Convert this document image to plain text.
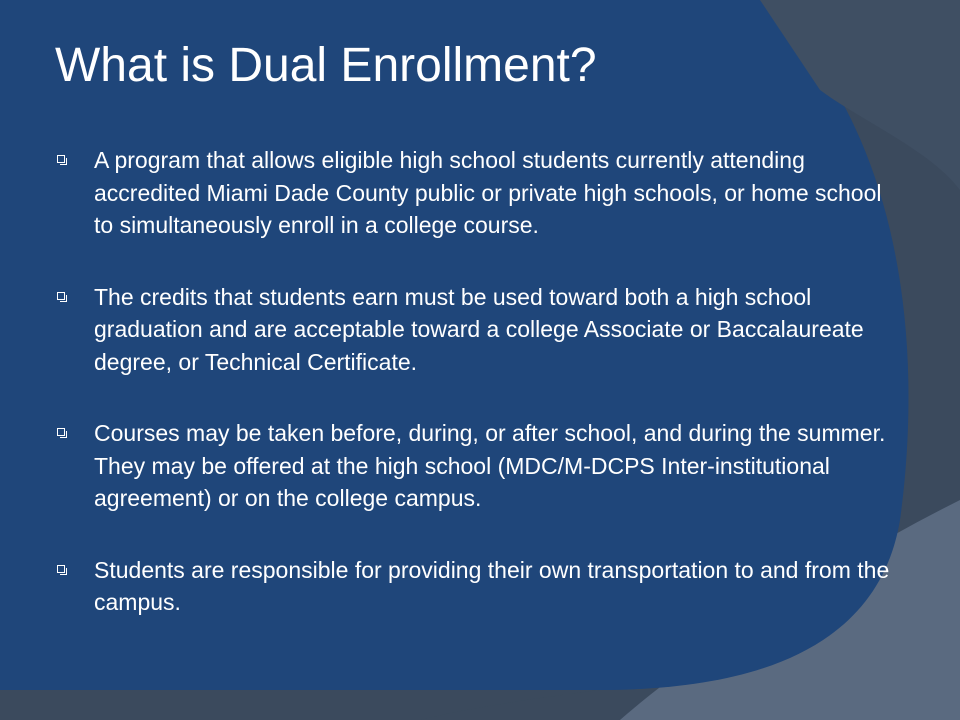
What is Dual Enrollment?
A program that allows eligible high school students currently attending accredited Miami Dade County public or private high schools, or home school to simultaneously enroll in a college course.
The credits that students earn must be used toward both a high school graduation and are acceptable toward a college Associate or Baccalaureate degree, or Technical Certificate.
Courses may be taken before, during, or after school, and during the summer. They may be offered at the high school (MDC/M-DCPS Inter-institutional agreement) or on the college campus.
Students are responsible for providing their own transportation to and from the campus.
